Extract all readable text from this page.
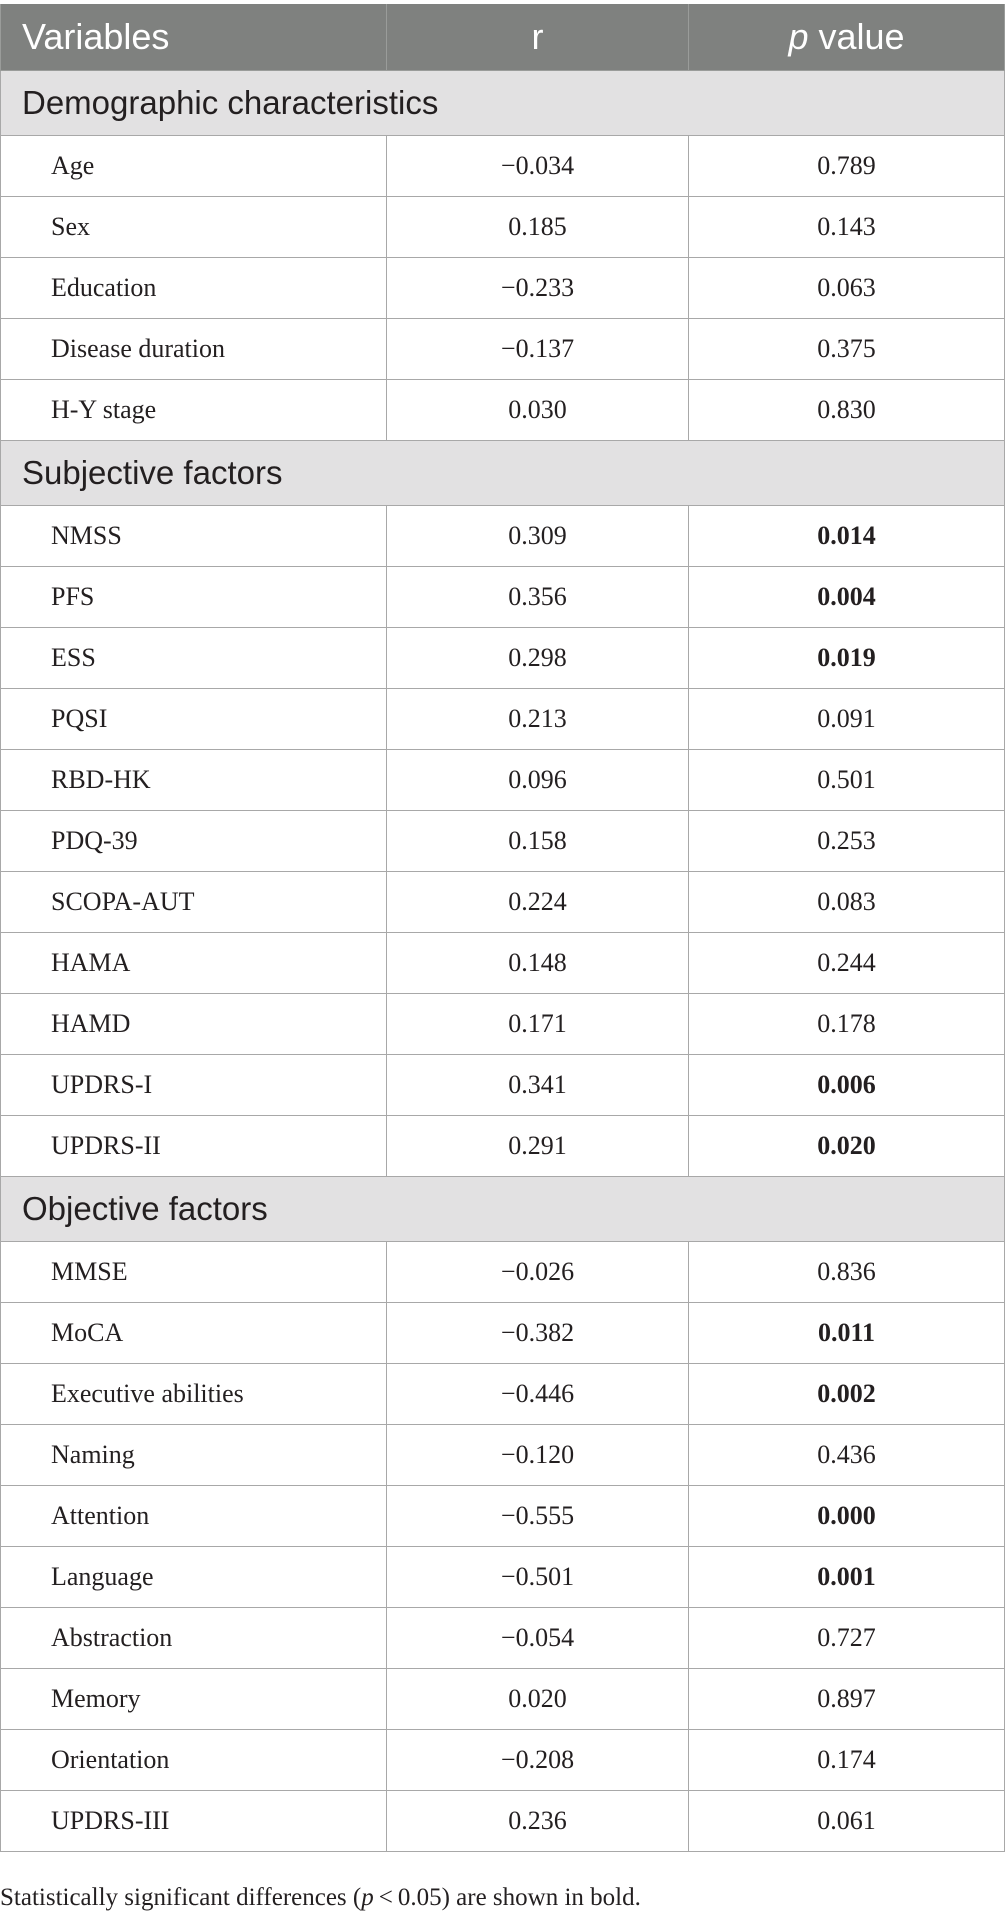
Variables	r	p value
Demographic characteristics		
Age	−0.034	0.789
Sex	0.185	0.143
Education	−0.233	0.063
Disease duration	−0.137	0.375
H-Y stage	0.030	0.830
Subjective factors		
NMSS	0.309	0.014
PFS	0.356	0.004
ESS	0.298	0.019
PQSI	0.213	0.091
RBD-HK	0.096	0.501
PDQ-39	0.158	0.253
SCOPA-AUT	0.224	0.083
HAMA	0.148	0.244
HAMD	0.171	0.178
UPDRS-I	0.341	0.006
UPDRS-II	0.291	0.020
Objective factors		
MMSE	−0.026	0.836
MoCA	−0.382	0.011
Executive abilities	−0.446	0.002
Naming	−0.120	0.436
Attention	−0.555	0.000
Language	−0.501	0.001
Abstraction	−0.054	0.727
Memory	0.020	0.897
Orientation	−0.208	0.174
UPDRS-III	0.236	0.061
Statistically significant differences (p < 0.05) are shown in bold.
